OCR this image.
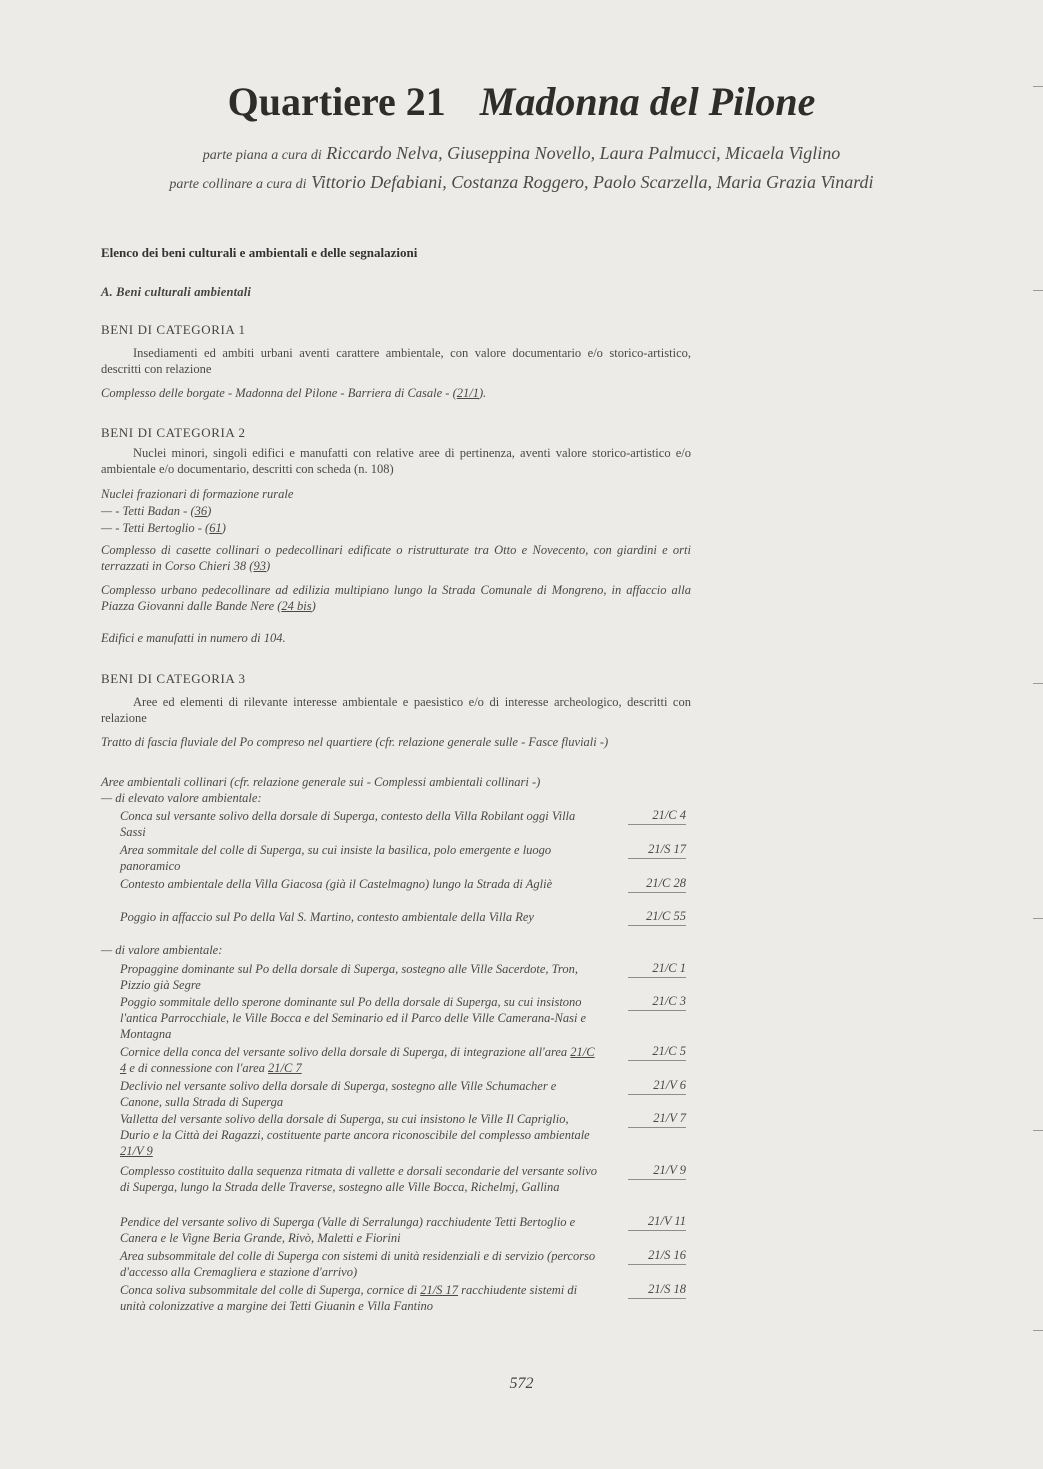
Quartiere 21 Madonna del Pilone
parte piana a cura di Riccardo Nelva, Giuseppina Novello, Laura Palmucci, Micaela Viglino
parte collinare a cura di Vittorio Defabiani, Costanza Roggero, Paolo Scarzella, Maria Grazia Vinardi
Elenco dei beni culturali e ambientali e delle segnalazioni
A. Beni culturali ambientali
BENI DI CATEGORIA 1
Insediamenti ed ambiti urbani aventi carattere ambientale, con valore documentario e/o storico-artistico, descritti con relazione
Complesso delle borgate - Madonna del Pilone - Barriera di Casale - (21/1).
BENI DI CATEGORIA 2
Nuclei minori, singoli edifici e manufatti con relative aree di pertinenza, aventi valore storico-artistico e/o ambientale e/o documentario, descritti con scheda (n. 108)
Nuclei frazionari di formazione rurale
— - Tetti Badan - (36)
— - Tetti Bertoglio - (61)
Complesso di casette collinari o pedecollinari edificate o ristrutturate tra Otto e Novecento, con giardini e orti terrazzati in Corso Chieri 38 (93)
Complesso urbano pedecollinare ad edilizia multipiano lungo la Strada Comunale di Mongreno, in affaccio alla Piazza Giovanni dalle Bande Nere (24 bis)
Edifici e manufatti in numero di 104.
BENI DI CATEGORIA 3
Aree ed elementi di rilevante interesse ambientale e paesistico e/o di interesse archeologico, descritti con relazione
Tratto di fascia fluviale del Po compreso nel quartiere (cfr. relazione generale sulle - Fasce fluviali -)
Aree ambientali collinari (cfr. relazione generale sui - Complessi ambientali collinari -)
— di elevato valore ambientale:
Conca sul versante solivo della dorsale di Superga, contesto della Villa Robilant oggi Villa Sassi
21/C 4
Area sommitale del colle di Superga, su cui insiste la basilica, polo emergente e luogo panoramico
21/S 17
Contesto ambientale della Villa Giacosa (già il Castelmagno) lungo la Strada di Agliè	21/C 28
Poggio in affaccio sul Po della Val S. Martino, contesto ambientale della Villa Rey	21/C 55
— di valore ambientale:
Propaggine dominante sul Po della dorsale di Superga, sostegno alle Ville Sacerdote, Tron, Pizzio già Segre
21/C 1
Poggio sommitale dello sperone dominante sul Po della dorsale di Superga, su cui insistono l'antica Parrocchiale, le Ville Bocca e del Seminario ed il Parco delle Ville Camerana-Nasi e Montagna
21/C 3
Cornice della conca del versante solivo della dorsale di Superga, di integrazione all'area 21/C 4 e di connessione con l'area 21/C 7
21/C 5
Declivio nel versante solivo della dorsale di Superga, sostegno alle Ville Schumacher e Canone, sulla Strada di Superga
21/V 6
Valletta del versante solivo della dorsale di Superga, su cui insistono le Ville Il Capriglio, Durio e la Città dei Ragazzi, costituente parte ancora riconoscibile del complesso ambientale 21/V 9
21/V 7
Complesso costituito dalla sequenza ritmata di vallette e dorsali secondarie del versante solivo di Superga, lungo la Strada delle Traverse, sostegno alle Ville Bocca, Richelmj, Gallina
21/V 9
Pendice del versante solivo di Superga (Valle di Serralunga) racchiudente Tetti Bertoglio e Canera e le Vigne Beria Grande, Rivò, Maletti e Fiorini
21/V 11
Area subsommitale del colle di Superga con sistemi di unità residenziali e di servizio (percorso d'accesso alla Cremagliera e stazione d'arrivo)
21/S 16
Conca soliva subsommitale del colle di Superga, cornice di 21/S 17 racchiudente sistemi di unità colonizzative a margine dei Tetti Giuanin e Villa Fantino
21/S 18
572
